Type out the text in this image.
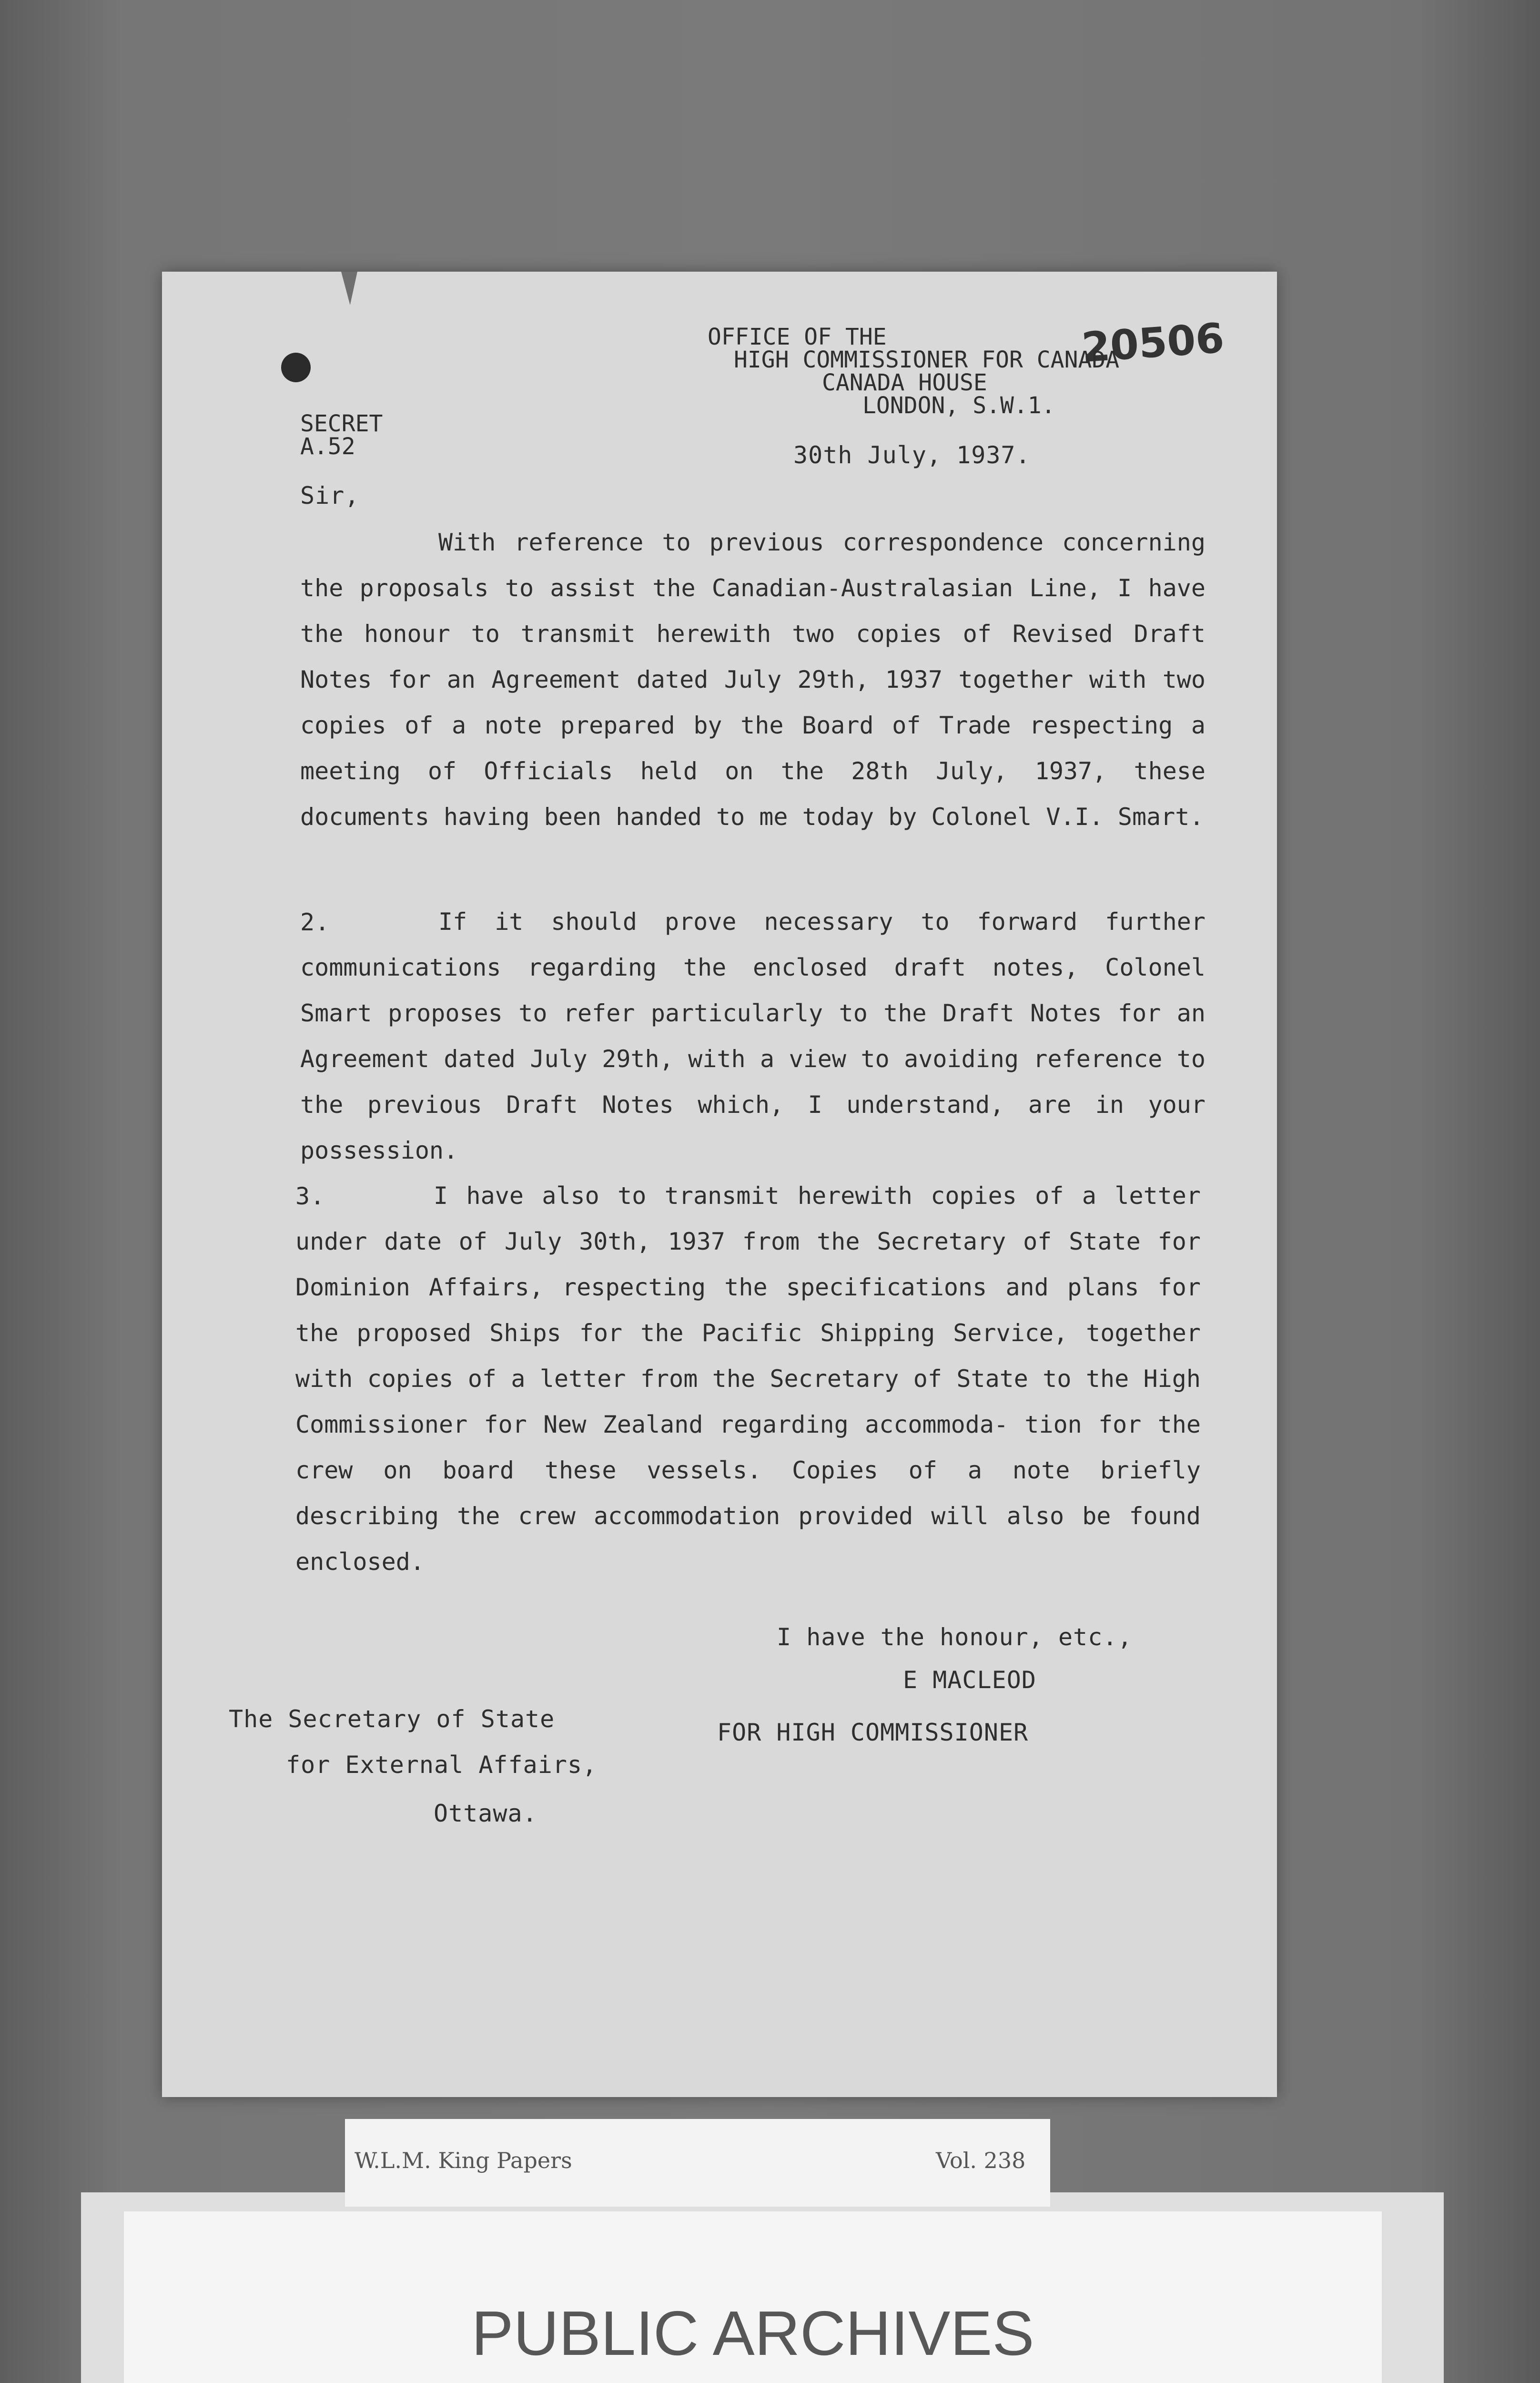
20506
OFFICE OF THE
HIGH COMMISSIONER FOR CANADA
CANADA HOUSE
LONDON, S.W.1.
SECRET
A.52	30th July, 1937.
Sir,
With reference to previous correspondence concerning the proposals to assist the Canadian-Australasian Line, I have the honour to transmit herewith two copies of Revised Draft Notes for an Agreement dated July 29th, 1937 together with two copies of a note prepared by the Board of Trade respecting a meeting of Officials held on the 28th July, 1937, these documents having been handed to me today by Colonel V.I. Smart.
2.	If it should prove necessary to forward further communications regarding the enclosed draft notes, Colonel Smart proposes to refer particularly to the Draft Notes for an Agreement dated July 29th, with a view to avoiding reference to the previous Draft Notes which, I understand, are in your possession.
3.	I have also to transmit herewith copies of a letter under date of July 30th, 1937 from the Secretary of State for Dominion Affairs, respecting the specifications and plans for the proposed Ships for the Pacific Shipping Service, together with copies of a letter from the Secretary of State to the High Commissioner for New Zealand regarding accommoda- tion for the crew on board these vessels. Copies of a note briefly describing the crew accommodation provided will also be found enclosed.
I have the honour, etc.,
E MACLEOD
FOR HIGH COMMISSIONER
The Secretary of State
for External Affairs,
Ottawa.
PUBLIC ARCHIVES
W.L.M. King Papers	Vol. 238
